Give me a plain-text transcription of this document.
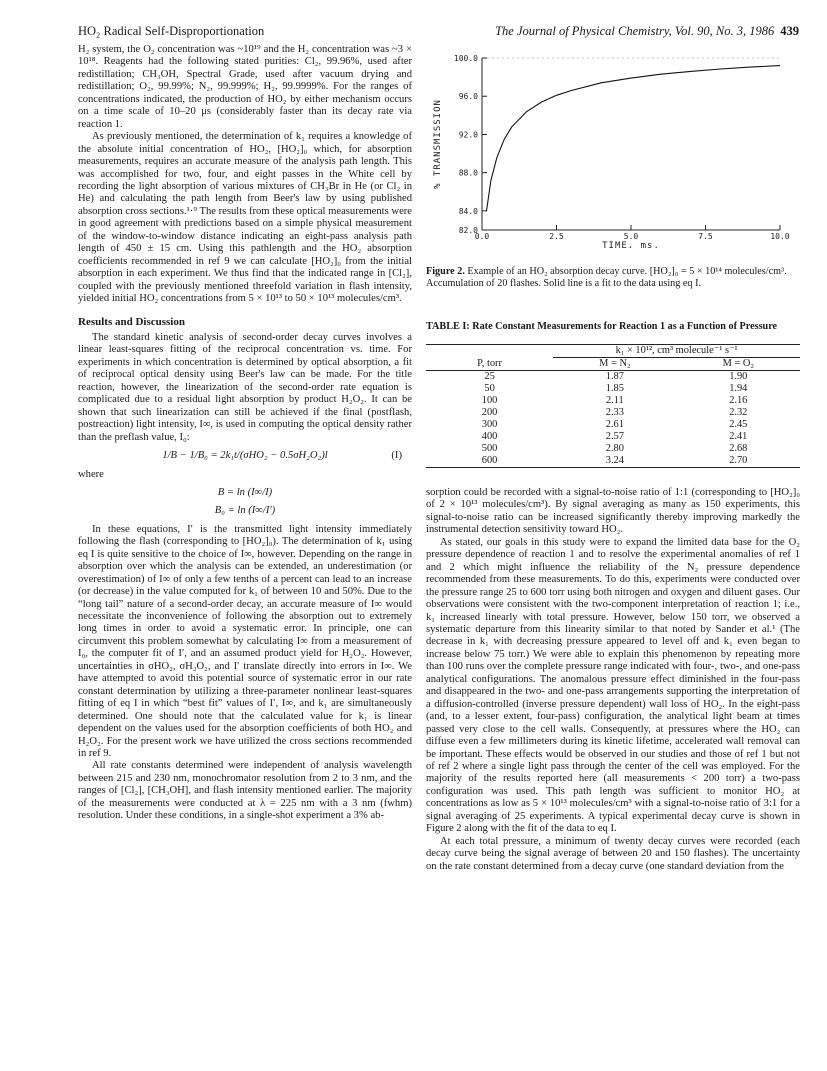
HO₂ Radical Self-Disproportionation	The Journal of Physical Chemistry, Vol. 90, No. 3, 1986 439

H₂ system, the O₂ concentration was ~10¹⁹ and the H₂ concentration was ~3 × 10¹⁸. Reagents had the following stated purities: Cl₂, 99.96%, used after redistillation; CH₃OH, Spectral Grade, used after vacuum drying and redistillation; O₂, 99.99%; N₂, 99.999%; H₂, 99.9999%. For the ranges of concentrations indicated, the production of HO₂ by either mechanism occurs on a time scale of 10–20 μs (considerably faster than its decay rate via reaction 1.

As previously mentioned, the determination of k₁ requires a knowledge of the absolute initial concentration of HO₂, [HO₂]₀ which, for absorption measurements, requires an accurate measure of the analysis path length. This was accomplished for two, four, and eight passes in the White cell by recording the light absorption of various mixtures of CH₃Br in He (or Cl₂ in He) and calculating the path length from Beer's law by using published absorption cross sections.¹·⁹ The results from these optical measurements were in good agreement with predictions based on a simple physical measurement of the window-to-window distance indicating an eight-pass analysis path length of 450 ± 15 cm. Using this pathlength and the HO₂ absorption coefficients recommended in ref 9 we can calculate [HO₂]₀ from the initial absorption in each experiment. We thus find that the indicated range in [Cl₂], coupled with the previously mentioned threefold variation in flash intensity, yielded initial HO₂ concentrations from 5 × 10¹³ to 50 × 10¹³ molecules/cm³.

Results and Discussion

The standard kinetic analysis of second-order decay curves involves a linear least-squares fitting of the reciprocal concentration vs. time. For experiments in which concentration is determined by optical absorption, a fit of reciprocal optical density using Beer's law can be made. For the title reaction, however, the linearization of the second-order rate equation is complicated due to a residual light absorption by product H₂O₂. It can be shown that such linearization can still be achieved if the final (postflash, postreaction) light intensity, I∞, is used in computing the optical density rather than the preflash value, I₀:

1/B − 1/B₀ = 2k₁t/(σHO₂ − 0.5σH₂O₂)l	(I)
where
B = ln (I∞/I)
B₀ = ln (I∞/I′)

In these equations, I′ is the transmitted light intensity immediately following the flash (corresponding to [HO₂]₀). The determination of k₁ using eq I is quite sensitive to the choice of I∞, however. Depending on the range in absorption over which the analysis can be extended, an underestimation (or overestimation) of I∞ of only a few tenths of a percent can lead to an increase (or decrease) in the value computed for k₁ of between 10 and 50%. Due to the “long tail” nature of a second-order decay, an accurate measure of I∞ would necessitate the inconvenience of following the absorption out to extremely long times in order to avoid a systematic error. In principle, one can circumvent this problem somewhat by calculating I∞ from a measurement of I₀, the computer fit of I′, and an assumed product yield for H₂O₂. However, uncertainties in σHO₂, σH₂O₂, and I′ translate directly into errors in I∞. We have attempted to avoid this potential source of systematic error in our rate constant determination by utilizing a three-parameter nonlinear least-squares fitting of eq I in which “best fit” values of I′, I∞, and k₁ are simultaneously determined. One should note that the calculated value for k₁ is linear dependent on the values used for the absorption coefficients of both HO₂ and H₂O₂. For the present work we have utilized the cross sections recommended in ref 9.

All rate constants determined were independent of analysis wavelength between 215 and 230 nm, monochromator resolution from 2 to 3 nm, and the ranges of [Cl₂], [CH₃OH], and flash intensity mentioned earlier. The majority of the measurements were conducted at λ = 225 nm with a 3 nm (fwhm) resolution. Under these conditions, in a single-shot experiment a 3% ab-

82.0
84.0
88.0
92.0
96.0
100.0
0.0	2.5	5.0	7.5	10.0
TIME, ms.
% TRANSMISSION
Figure 2. Example of an HO₂ absorption decay curve. [HO₂]₀ = 5 × 10¹⁴ molecules/cm³. Accumulation of 20 flashes. Solid line is a fit to the data using eq I.
TABLE I: Rate Constant Measurements for Reaction 1 as a Function of Pressure
	k₁ × 10¹², cm³ molecule⁻¹ s⁻¹	
P, torr	M = N₂	M = O₂
25	1.87	1.90
50	1.85	1.94
100	2.11	2.16
200	2.33	2.32
300	2.61	2.45
400	2.57	2.41
500	2.80	2.68
600	3.24	2.70

sorption could be recorded with a signal-to-noise ratio of 1:1 (corresponding to [HO₂]₀ of 2 × 10¹³ molecules/cm³). By signal averaging as many as 150 experiments, this signal-to-noise ratio can be increased significantly thereby improving markedly the instrumental detection sensitivity toward HO₂.

As stated, our goals in this study were to expand the limited data base for the O₂ pressure dependence of reaction 1 and to resolve the experimental anomalies of ref 1 and 2 which might influence the reliability of the N₂ pressure dependence recommended from these measurements. To do this, experiments were conducted over the pressure range 25 to 600 torr using both nitrogen and oxygen and diluent gases. Our observations were consistent with the two-component interpretation of reaction 1; i.e., k₁ increased linearly with total pressure. However, below 150 torr, we observed a systematic departure from this linearity similar to that noted by Sander et al.¹ (The decrease in k₁ with decreasing pressure appeared to level off and k₁ even began to increase below 75 torr.) We were able to explain this phenomenon by repeating more than 100 runs over the complete pressure range indicated with four-, two-, and one-pass analytical configurations. The anomalous pressure effect diminished in the four-pass and disappeared in the two- and one-pass arrangements supporting the interpretation of a diffusion-controlled (inverse pressure dependent) wall loss of HO₂. In the eight-pass (and, to a lesser extent, four-pass) configuration, the analytical light beam at times passed very close to the cell walls. Consequently, at pressures where the HO₂ can diffuse even a few millimeters during its kinetic lifetime, accelerated wall removal can be important. These effects would be observed in our studies and those of ref 1 but not of ref 2 where a single light pass through the center of the cell was employed. For the majority of the results reported here (all measurements < 200 torr) a two-pass configuration was used. This path length was sufficient to monitor HO₂ at concentrations as low as 5 × 10¹³ molecules/cm³ with a signal-to-noise ratio of 3:1 for a signal averaging of 25 experiments. A typical experimental decay curve is shown in Figure 2 along with the fit of the data to eq I.

At each total pressure, a minimum of twenty decay curves were recorded (each decay curve being the signal average of between 20 and 150 flashes). The uncertainty on the rate constant determined from a decay curve (one standard deviation from the
